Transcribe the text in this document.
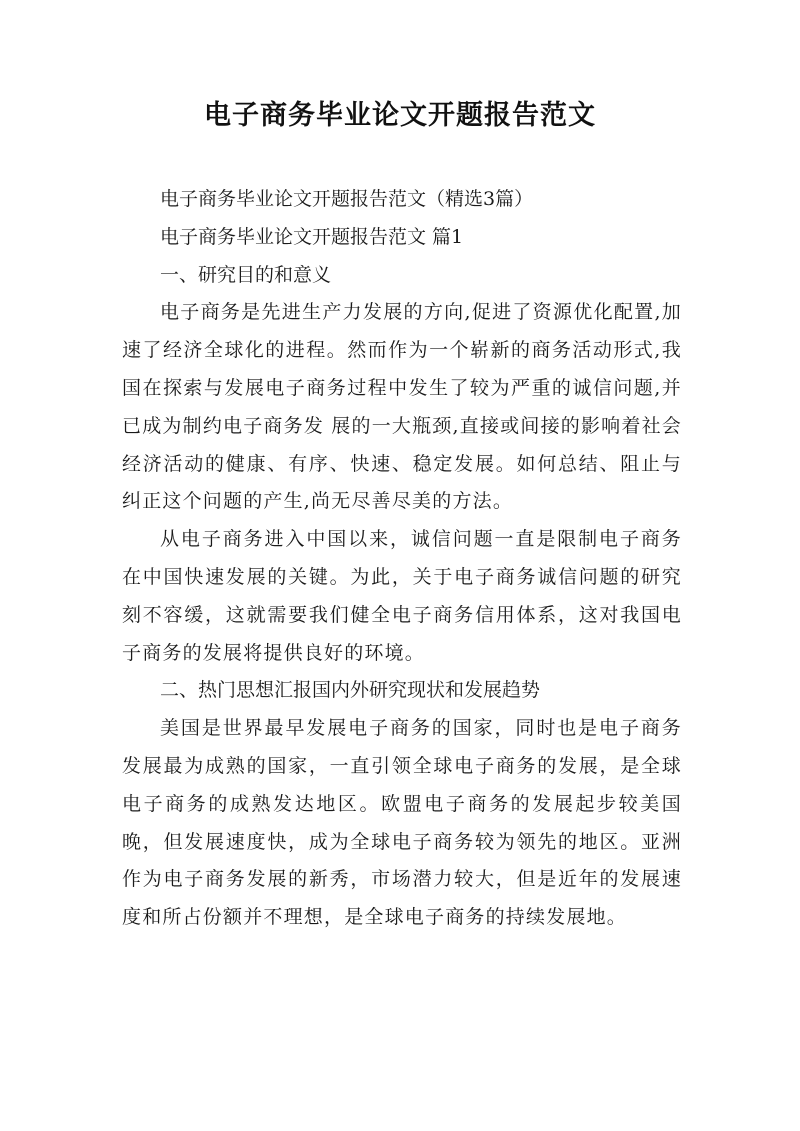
电子商务毕业论文开题报告范文

电子商务毕业论文开题报告范文（精选3篇）

电子商务毕业论文开题报告范文 篇1

一、研究目的和意义

电子商务是先进生产力发展的方向,促进了资源优化配置,加速了经济全球化的进程。然而作为一个崭新的商务活动形式,我国在探索与发展电子商务过程中发生了较为严重的诚信问题,并已成为制约电子商务发 展的一大瓶颈,直接或间接的影响着社会经济活动的健康、有序、快速、稳定发展。如何总结、阻止与纠正这个问题的产生,尚无尽善尽美的方法。

从电子商务进入中国以来，诚信问题一直是限制电子商务在中国快速发展的关键。为此，关于电子商务诚信问题的研究刻不容缓，这就需要我们健全电子商务信用体系，这对我国电子商务的发展将提供良好的环境。

二、热门思想汇报国内外研究现状和发展趋势

美国是世界最早发展电子商务的国家，同时也是电子商务发展最为成熟的国家，一直引领全球电子商务的发展，是全球电子商务的成熟发达地区。欧盟电子商务的发展起步较美国晚，但发展速度快，成为全球电子商务较为领先的地区。亚洲作为电子商务发展的新秀，市场潜力较大，但是近年的发展速度和所占份额并不理想，是全球电子商务的持续发展地。
